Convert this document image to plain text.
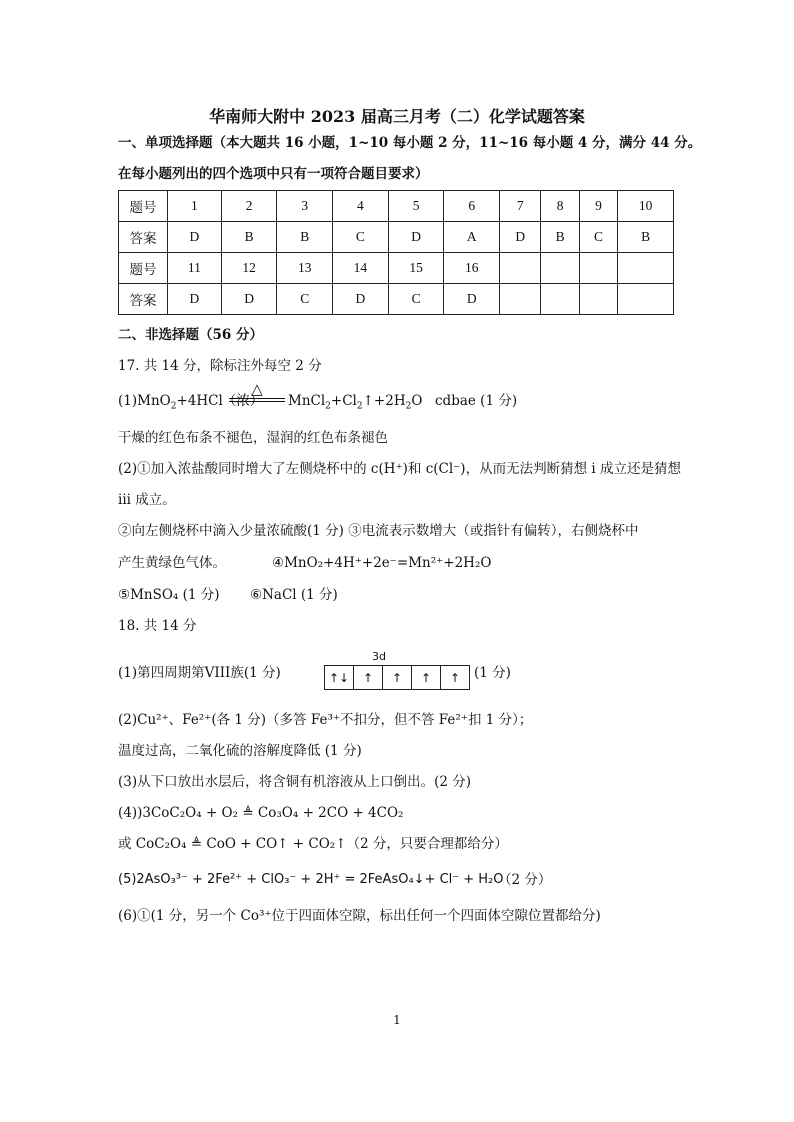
华南师大附中 2023 届高三月考（二）化学试题答案
一、单项选择题（本大题共 16 小题，1~10 每小题 2 分，11~16 每小题 4 分，满分 44 分。
在每小题列出的四个选项中只有一项符合题目要求）
题号	1	2	3	4	5	6	7	8	9	10
答案	D	B	B	C	D	A	D	B	C	B
题号	11	12	13	14	15	16				
答案	D	D	C	D	C	D				
二、非选择题（56 分）
17. 共 14 分，除标注外每空 2 分
(1)MnO$_2$+4HCl（浓）
△
$MnCl_2+Cl_2↑+2H_2O$ cdbae (1 分)
干燥的红色布条不褪色，湿润的红色布条褪色
(2)①加入浓盐酸同时增大了左侧烧杯中的 c(H⁺)和 c(Cl⁻)，从而无法判断猜想 i 成立还是猜想
iii 成立。
②向左侧烧杯中滴入少量浓硫酸(1 分) ③电流表示数增大（或指针有偏转），右侧烧杯中
产生黄绿色气体。	④MnO₂+4H⁺+2e⁻=Mn²⁺+2H₂O
⑤MnSO₄ (1 分) ⑥NaCl (1 分)
18. 共 14 分
(1)第四周期第VIII族(1 分)
3d
↑↓	↑	↑	↑	↑	(1 分)
(2)Cu²⁺、Fe²⁺(各 1 分)（多答 Fe³⁺不扣分，但不答 Fe²⁺扣 1 分）；
温度过高，二氧化硫的溶解度降低 (1 分)
(3)从下口放出水层后，将含铜有机溶液从上口倒出。(2 分)
(4))3CoC₂O₄ + O₂ ≜ Co₃O₄ + 2CO + 4CO₂
或 CoC₂O₄ ≜ CoO + CO↑ + CO₂↑（2 分，只要合理都给分）
(5)2AsO₃³⁻ + 2Fe²⁺ + ClO₃⁻ + 2H⁺ = 2FeAsO₄↓+ Cl⁻ + H₂O
（2 分）
(6)①(1 分，另一个 Co³⁺位于四面体空隙，标出任何一个四面体空隙位置都给分)
1
